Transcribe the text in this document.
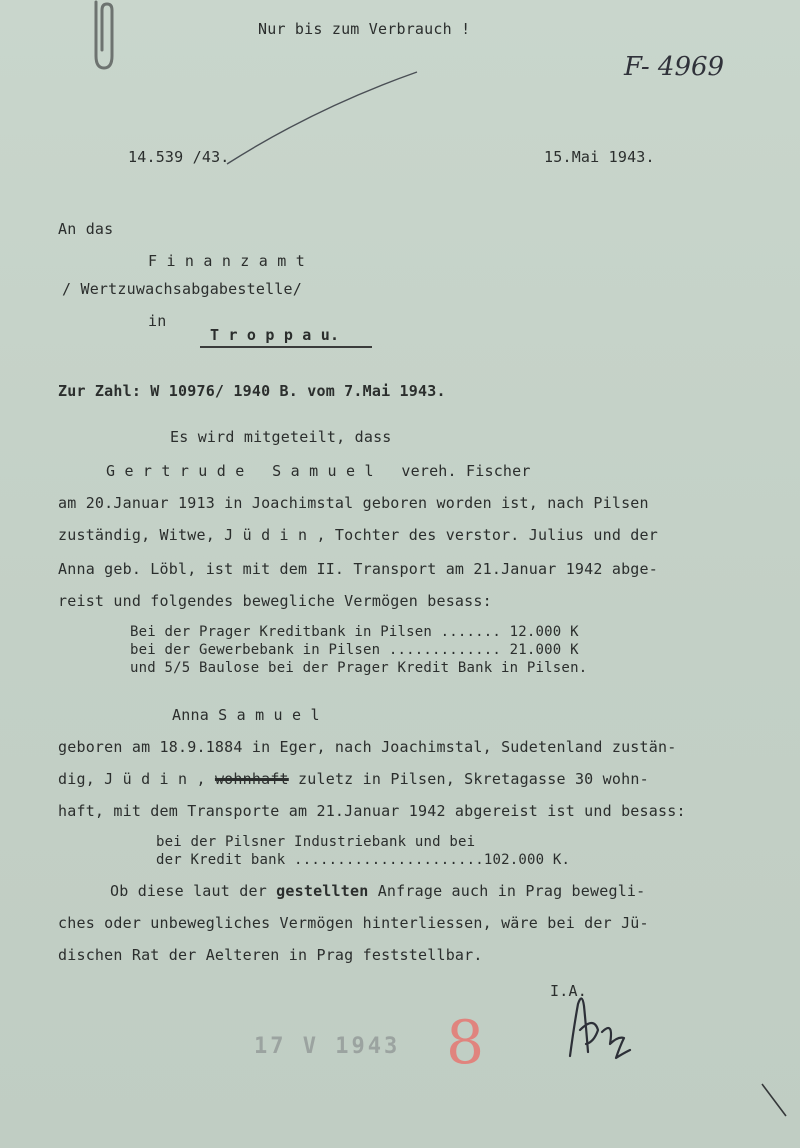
Nur bis zum Verbrauch !
F- 4969
14.539 /43.	15.Mai 1943.
An das
F i n a n z a m t
/ Wertzuwachsabgabestelle/
in
T r o p p a u.
Zur Zahl: W 10976/ 1940 B. vom 7.Mai 1943.
Es wird mitgeteilt, dass
G e r t r u d e   S a m u e l   vereh. Fischer
am 20.Januar 1913 in Joachimstal geboren worden ist, nach Pilsen
zuständig, Witwe, J ü d i n , Tochter des verstor. Julius und der
Anna geb. Löbl, ist mit dem II. Transport am 21.Januar 1942 abge-
reist und folgendes bewegliche Vermögen besass:
Bei der Prager Kreditbank in Pilsen ....... 12.000 K
bei der Gewerbebank in Pilsen ............. 21.000 K
und 5/5 Baulose bei der Prager Kredit Bank in Pilsen.
Anna S a m u e l
geboren am 18.9.1884 in Eger, nach Joachimstal, Sudetenland zustän-
dig, J ü d i n , wohnhaft zuletz in Pilsen, Skretagasse 30 wohn-
haft, mit dem Transporte am 21.Januar 1942 abgereist ist und besass:
bei der Pilsner Industriebank und bei
der Kredit bank ......................102.000 K.
Ob diese laut der gestellten Anfrage auch in Prag bewegli-
ches oder unbewegliches Vermögen hinterliessen, wäre bei der Jü-
dischen Rat der Aelteren in Prag feststellbar.
I.A.
17 V 1943 8
